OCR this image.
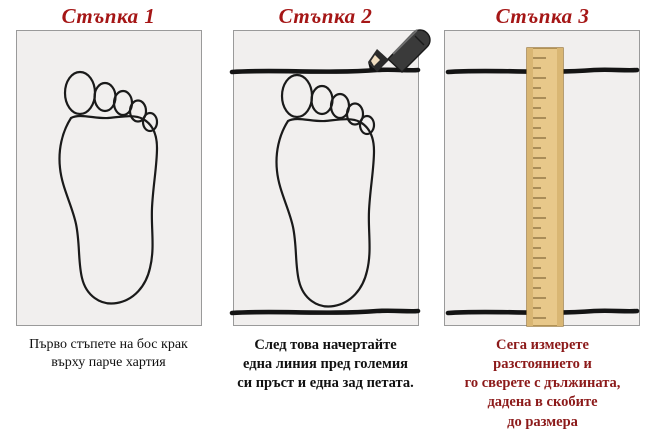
Стъпка 1
Първо стъпете на бос крак
върху парче хартия
Стъпка 2
След това начертайте
една линия пред големия
си пръст и една зад петата.
Стъпка 3
Сега измерете
разстоянието и
го сверете с дължината,
дадена в скобите
до размера
